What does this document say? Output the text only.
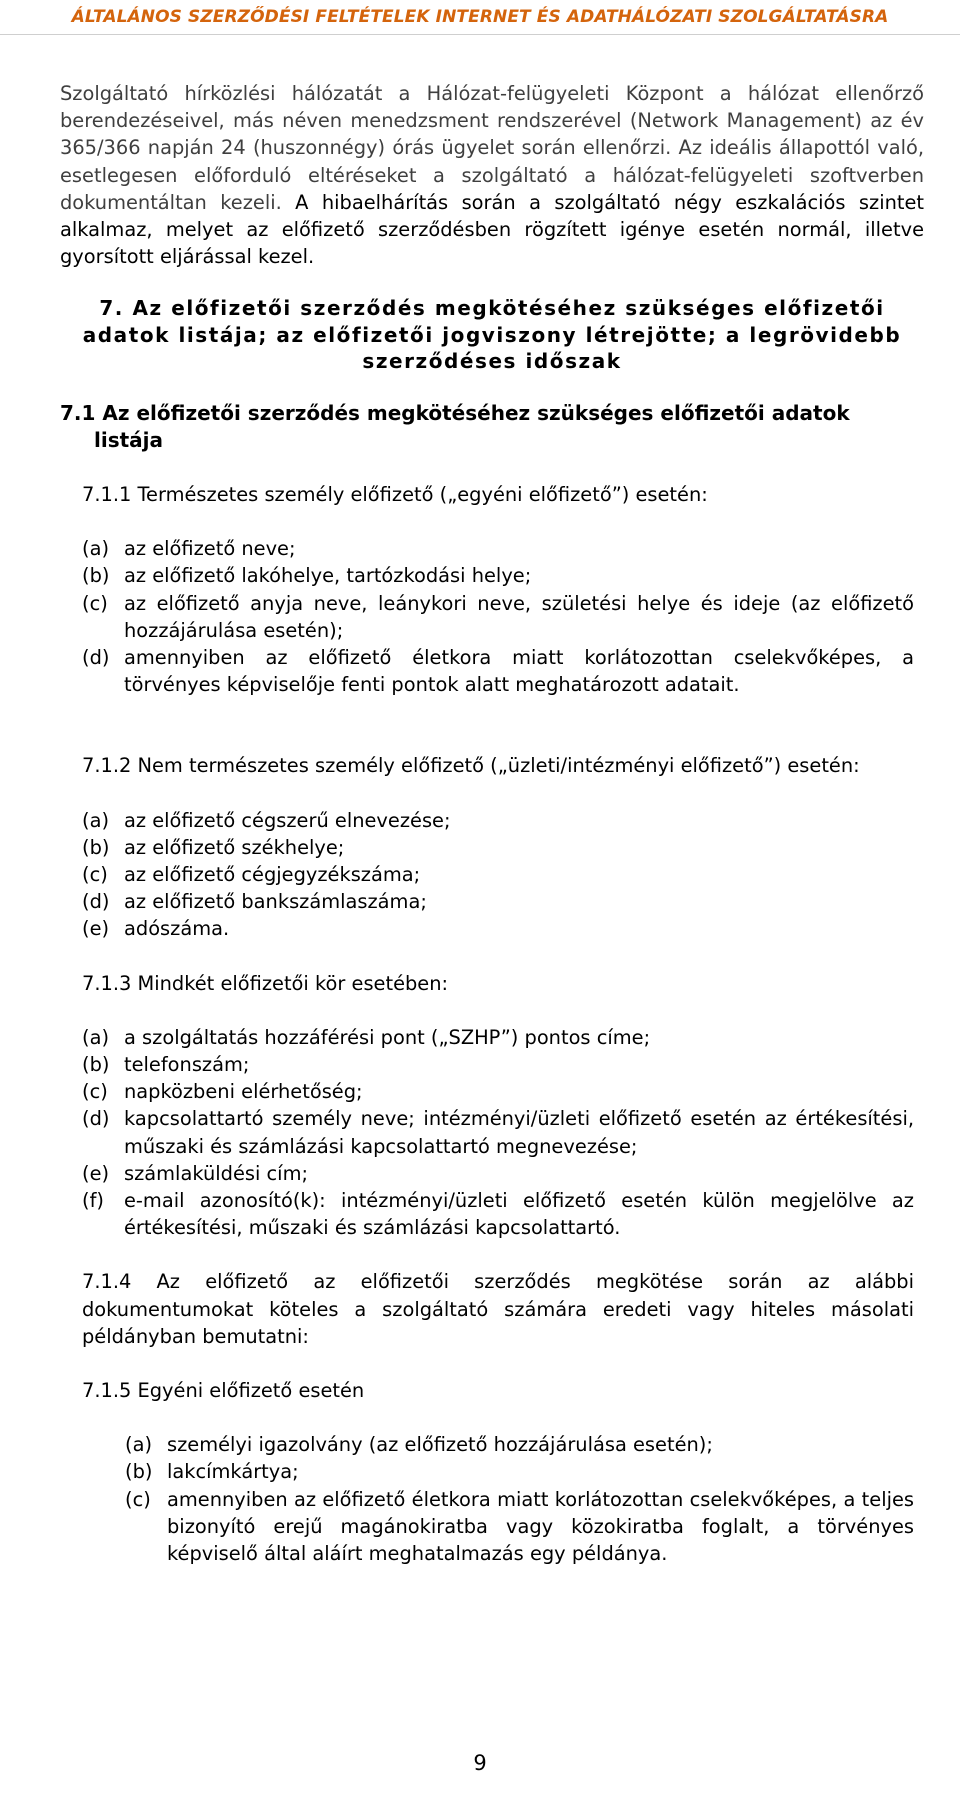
ÁLTALÁNOS SZERZŐDÉSI FELTÉTELEK INTERNET ÉS ADATHÁLÓZATI SZOLGÁLTATÁSRA

Szolgáltató hírközlési hálózatát a Hálózat-felügyeleti Központ a hálózat ellenőrző berendezéseivel, más néven menedzsment rendszerével (Network Management) az év 365/366 napján 24 (huszonnégy) órás ügyelet során ellenőrzi. Az ideális állapottól való, esetlegesen előforduló eltéréseket a szolgáltató a hálózat-felügyeleti szoftverben dokumentáltan kezeli. A hibaelhárítás során a szolgáltató négy eszkalációs szintet alkalmaz, melyet az előfizető szerződésben rögzített igénye esetén normál, illetve gyorsított eljárással kezel.

7. Az előfizetői szerződés megkötéséhez szükséges előfizetői adatok listája; az előfizetői jogviszony létrejötte; a legrövidebb szerződéses időszak
7.1 Az előfizetői szerződés megkötéséhez szükséges előfizetői adatok listája

7.1.1 Természetes személy előfizető („egyéni előfizető”) esetén:

(a) az előfizető neve;
(b) az előfizető lakóhelye, tartózkodási helye;
(c) az előfizető anyja neve, leánykori neve, születési helye és ideje (az előfizető hozzájárulása esetén);
(d) amennyiben az előfizető életkora miatt korlátozottan cselekvőképes, a törvényes képviselője fenti pontok alatt meghatározott adatait.

7.1.2 Nem természetes személy előfizető („üzleti/intézményi előfizető”) esetén:

(a) az előfizető cégszerű elnevezése;
(b) az előfizető székhelye;
(c) az előfizető cégjegyzékszáma;
(d) az előfizető bankszámlaszáma;
(e) adószáma.

7.1.3 Mindkét előfizetői kör esetében:

(a) a szolgáltatás hozzáférési pont („SZHP”) pontos címe;
(b) telefonszám;
(c) napközbeni elérhetőség;
(d) kapcsolattartó személy neve; intézményi/üzleti előfizető esetén az értékesítési, műszaki és számlázási kapcsolattartó megnevezése;
(e) számlaküldési cím;
(f)	e-mail azonosító(k): intézményi/üzleti előfizető esetén külön megjelölve az értékesítési, műszaki és számlázási kapcsolattartó.

7.1.4 Az előfizető az előfizetői szerződés megkötése során az alábbi dokumentumokat köteles a szolgáltató számára eredeti vagy hiteles másolati példányban bemutatni:

7.1.5 Egyéni előfizető esetén

(a) személyi igazolvány (az előfizető hozzájárulása esetén);
(b) lakcímkártya;
(c) amennyiben az előfizető életkora miatt korlátozottan cselekvőképes, a teljes bizonyító erejű magánokiratba vagy közokiratba foglalt, a törvényes képviselő által aláírt meghatalmazás egy példánya.
9
